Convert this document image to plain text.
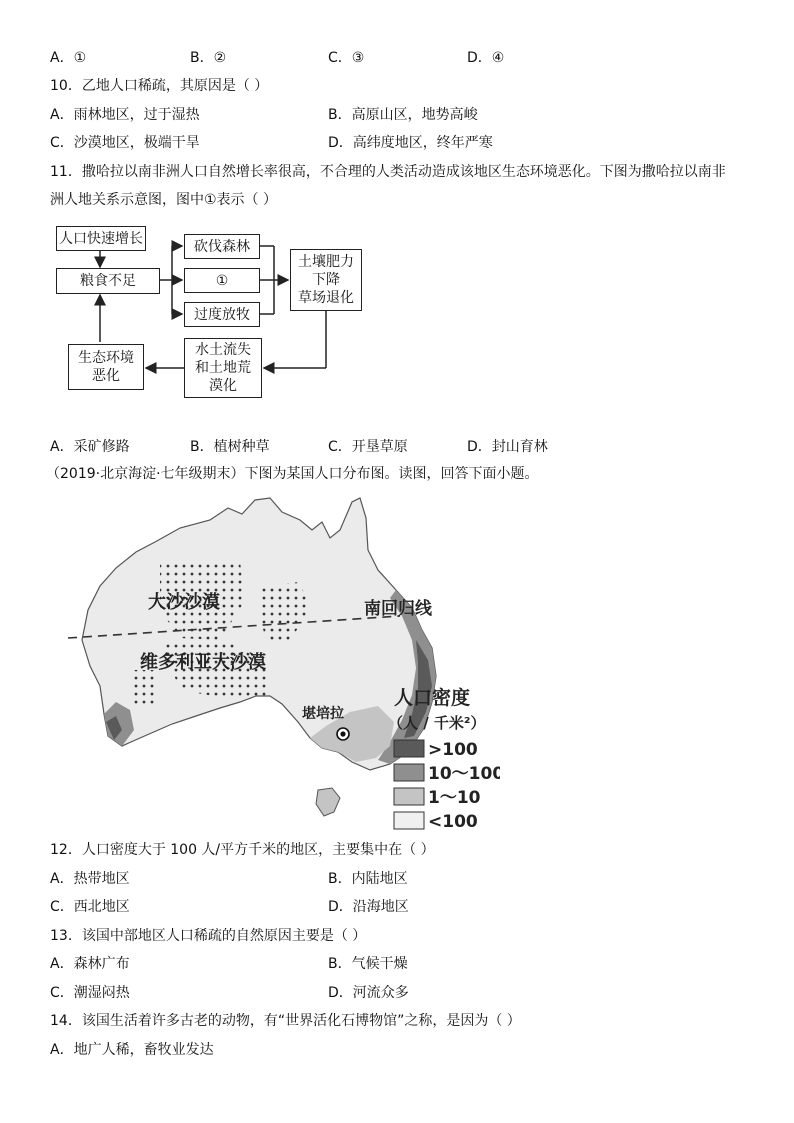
A．①	B．②	C．③	D．④
10．乙地人口稀疏，其原因是（ ）
A．雨林地区，过于湿热	B．高原山区，地势高峻
C．沙漠地区，极端干旱	D．高纬度地区，终年严寒
11．撒哈拉以南非洲人口自然增长率很高，不合理的人类活动造成该地区生态环境恶化。下图为撒哈拉以南非
洲人地关系示意图，图中①表示（ ）
人口快速增长
粮食不足
砍伐森林
①
过度放牧
土壤肥力
下降
草场退化
水土流失
和土地荒
漠化
生态环境
恶化
A．采矿修路	B．植树种草	C．开垦草原	D．封山育林
（2019·北京海淀·七年级期末）下图为某国人口分布图。读图，回答下面小题。
大沙沙漠
维多利亚大沙漠
南回归线
堪培拉
人口密度
（人 / 千米²）
>100
10～100
1～10
<100
12．人口密度大于 100 人/平方千米的地区，主要集中在（ ）
A．热带地区	B．内陆地区
C．西北地区	D．沿海地区
13．该国中部地区人口稀疏的自然原因主要是（ ）
A．森林广布	B．气候干燥
C．潮湿闷热	D．河流众多
14．该国生活着许多古老的动物，有“世界活化石博物馆”之称，是因为（ ）
A．地广人稀，畜牧业发达
